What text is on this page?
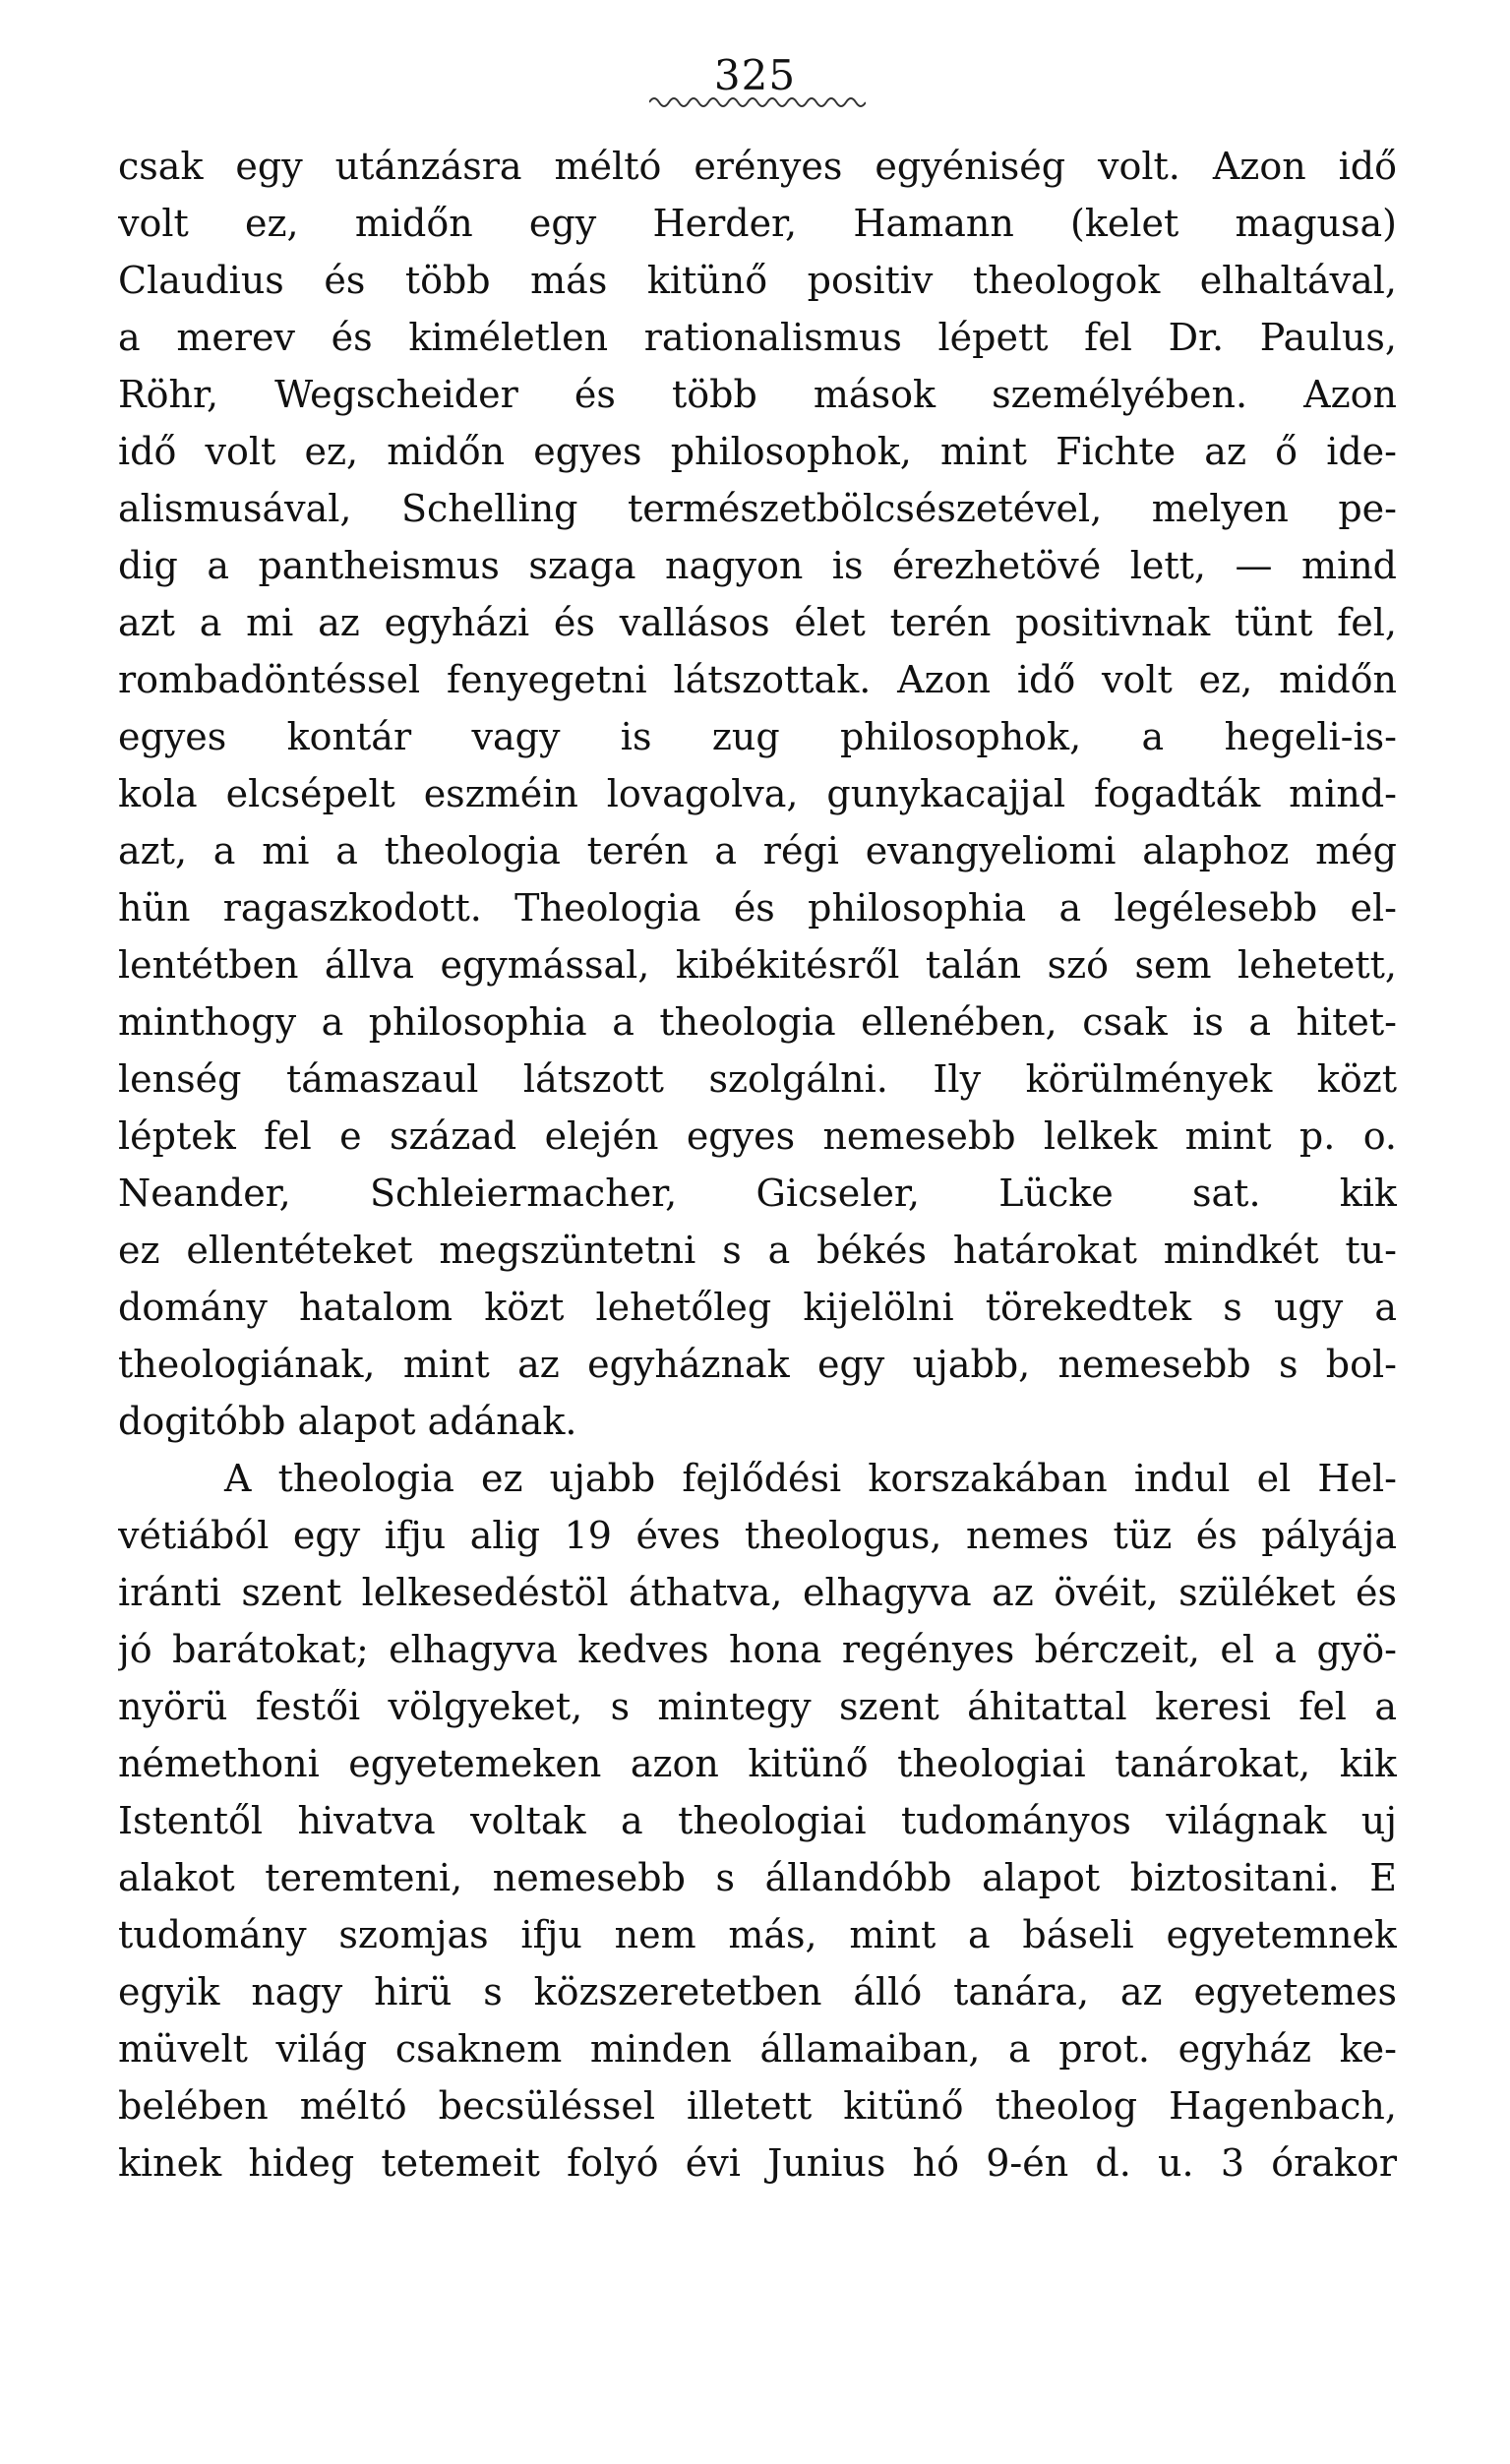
325
csak egy utánzásra méltó erényes egyéniség volt. Azon idő
volt ez, midőn egy Herder, Hamann (kelet magusa)
Claudius és több más kitünő positiv theologok elhaltával,
a merev és kiméletlen rationalismus lépett fel Dr. Paulus,
Röhr, Wegscheider és több mások személyében. Azon
idő volt ez, midőn egyes philosophok, mint Fichte az ő ide-
alismusával, Schelling természetbölcsészetével, melyen pe-
dig a pantheismus szaga nagyon is érezhetövé lett, — mind
azt a mi az egyházi és vallásos élet terén positivnak tünt fel,
rombadöntéssel fenyegetni látszottak. Azon idő volt ez, midőn
egyes kontár vagy is zug philosophok, a hegeli-is-
kola elcsépelt eszméin lovagolva, gunykacajjal fogadták mind-
azt, a mi a theologia terén a régi evangyeliomi alaphoz még
hün ragaszkodott. Theologia és philosophia a legélesebb el-
lentétben állva egymással, kibékitésről talán szó sem lehetett,
minthogy a philosophia a theologia ellenében, csak is a hitet-
lenség támaszaul látszott szolgálni. Ily körülmények közt
léptek fel e század elején egyes nemesebb lelkek mint p. o.
Neander, Schleiermacher, Gicseler, Lücke sat. kik
ez ellentéteket megszüntetni s a békés határokat mindkét tu-
domány hatalom közt lehetőleg kijelölni törekedtek s ugy a
theologiának, mint az egyháznak egy ujabb, nemesebb s bol-
dogitóbb alapot adának.
A theologia ez ujabb fejlődési korszakában indul el Hel-
vétiából egy ifju alig 19 éves theologus, nemes tüz és pályája
iránti szent lelkesedéstöl áthatva, elhagyva az övéit, szüléket és
jó barátokat; elhagyva kedves hona regényes bérczeit, el a gyö-
nyörü festői völgyeket, s mintegy szent áhitattal keresi fel a
némethoni egyetemeken azon kitünő theologiai tanárokat, kik
Istentől hivatva voltak a theologiai tudományos világnak uj
alakot teremteni, nemesebb s állandóbb alapot biztositani. E
tudomány szomjas ifju nem más, mint a báseli egyetemnek
egyik nagy hirü s közszeretetben álló tanára, az egyetemes
müvelt világ csaknem minden államaiban, a prot. egyház ke-
belében méltó becsüléssel illetett kitünő theolog Hagenbach,
kinek hideg tetemeit folyó évi Junius hó 9-én d. u. 3 órakor
